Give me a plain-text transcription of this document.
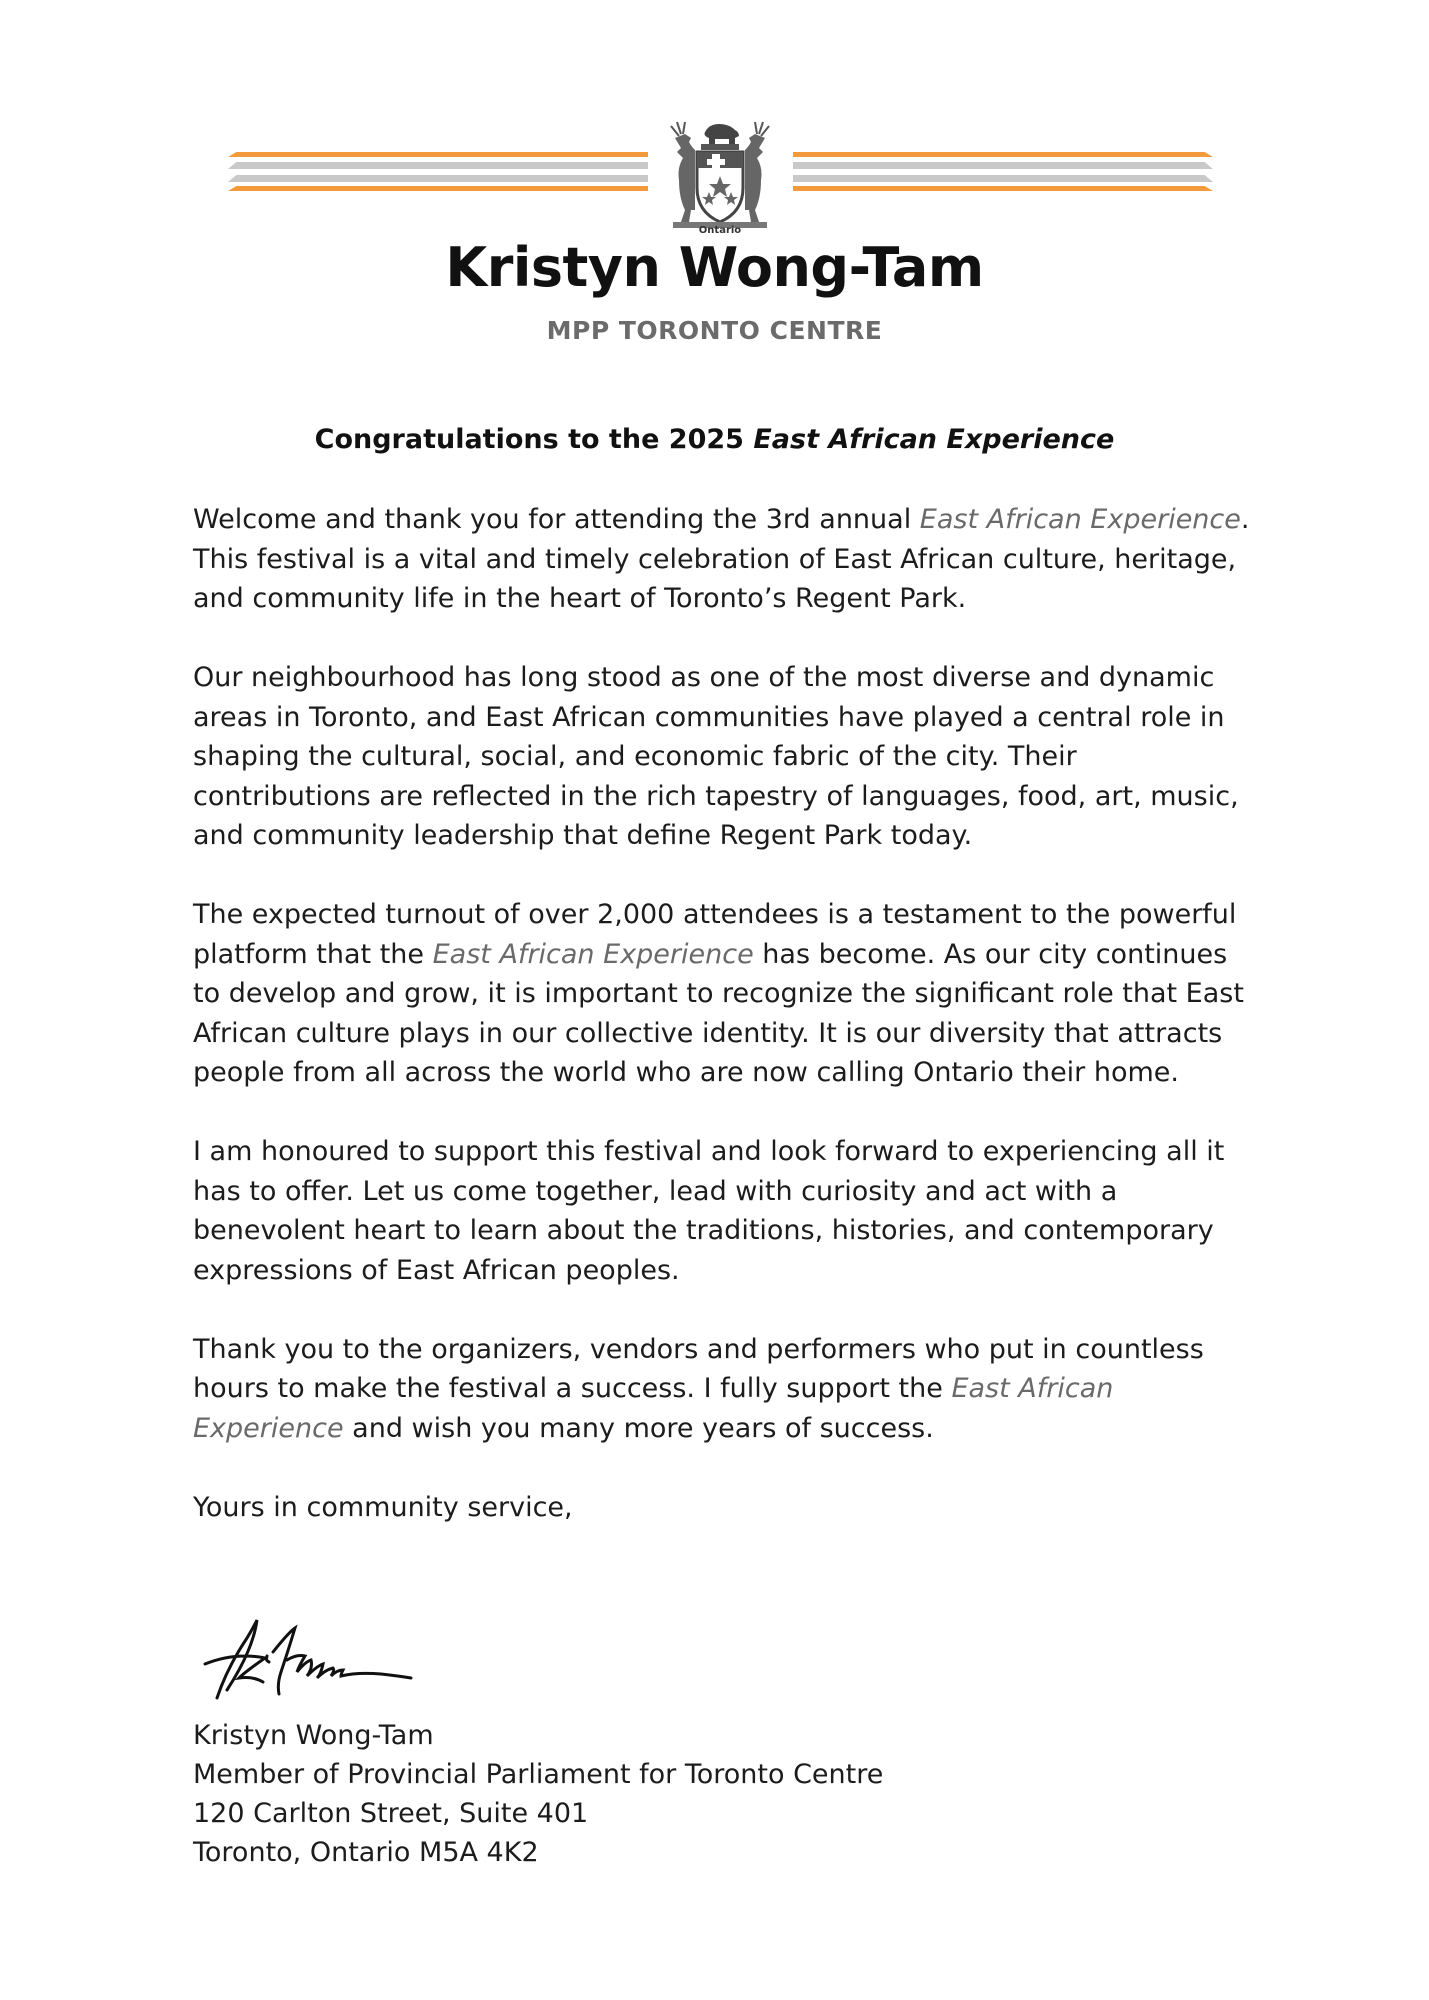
Ontario
Kristyn Wong-Tam
MPP TORONTO CENTRE
Congratulations to the 2025 East African Experience

Welcome and thank you for attending the 3rd annual East African Experience. This festival is a vital and timely celebration of East African culture, heritage, and community life in the heart of Toronto’s Regent Park.

Our neighbourhood has long stood as one of the most diverse and dynamic areas in Toronto, and East African communities have played a central role in shaping the cultural, social, and economic fabric of the city. Their contributions are reflected in the rich tapestry of languages, food, art, music, and community leadership that define Regent Park today.

The expected turnout of over 2,000 attendees is a testament to the powerful platform that the East African Experience has become. As our city continues to develop and grow, it is important to recognize the significant role that East African culture plays in our collective identity. It is our diversity that attracts people from all across the world who are now calling Ontario their home.

I am honoured to support this festival and look forward to experiencing all it has to offer. Let us come together, lead with curiosity and act with a benevolent heart to learn about the traditions, histories, and contemporary expressions of East African peoples.

Thank you to the organizers, vendors and performers who put in countless hours to make the festival a success. I fully support the East African Experience and wish you many more years of success.

Yours in community service,

Kristyn Wong-Tam
Member of Provincial Parliament for Toronto Centre
120 Carlton Street, Suite 401
Toronto, Ontario M5A 4K2
